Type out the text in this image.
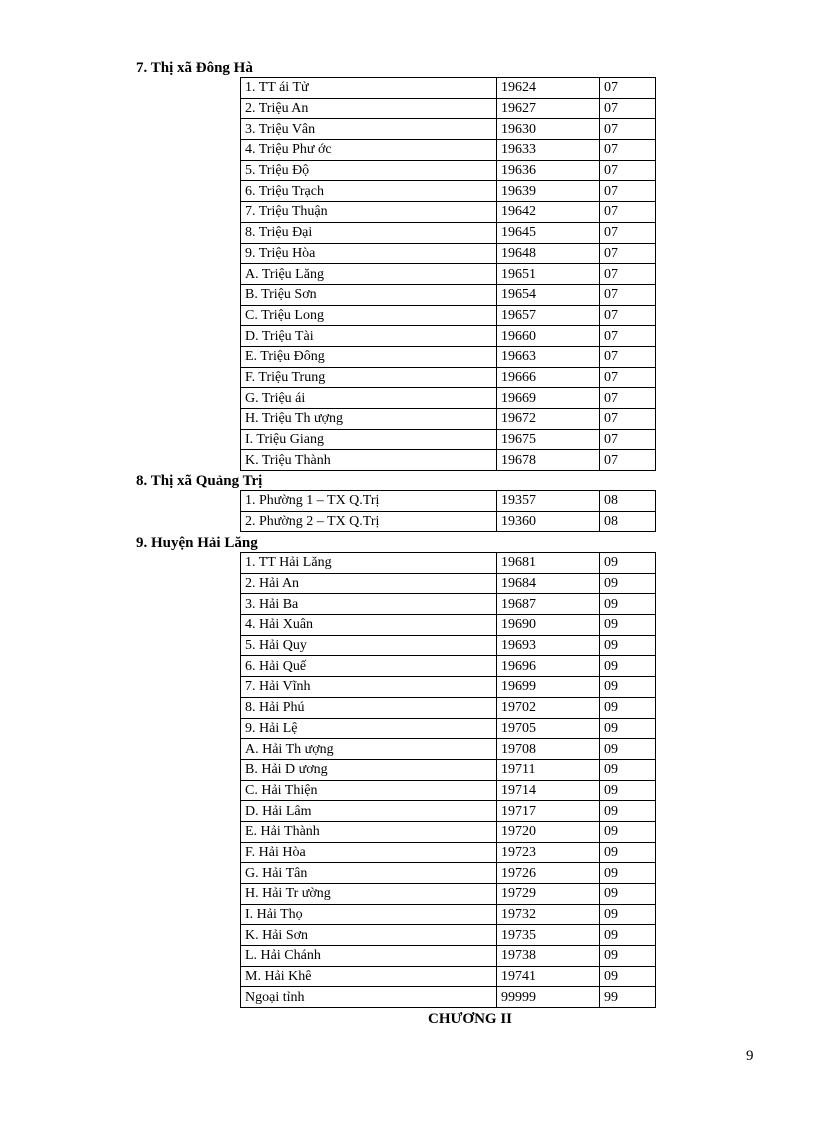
7. Thị xã Đông Hà
1. TT ái Tử	19624	07
2. Triệu An	19627	07
3. Triệu Vân	19630	07
4. Triệu Phư ớc	19633	07
5. Triệu Độ	19636	07
6. Triệu Trạch	19639	07
7. Triệu Thuận	19642	07
8. Triệu Đại	19645	07
9. Triệu Hòa	19648	07
A. Triệu Lăng	19651	07
B. Triệu Sơn	19654	07
C. Triệu Long	19657	07
D. Triệu Tài	19660	07
E. Triệu Đông	19663	07
F. Triệu Trung	19666	07
G. Triệu ái	19669	07
H. Triệu Th ượng	19672	07
I. Triệu Giang	19675	07
K. Triệu Thành	19678	07
8. Thị xã Quảng Trị
1. Phường 1 – TX Q.Trị	19357	08
2. Phường 2 – TX Q.Trị	19360	08
9. Huyện Hải Lăng
1. TT Hải Lăng	19681	09
2. Hải An	19684	09
3. Hải Ba	19687	09
4. Hải Xuân	19690	09
5. Hải Quy	19693	09
6. Hải Quế	19696	09
7. Hải Vĩnh	19699	09
8. Hải Phú	19702	09
9. Hải Lệ	19705	09
A. Hải Th ượng	19708	09
B. Hải D ương	19711	09
C. Hải Thiện	19714	09
D. Hải Lâm	19717	09
E. Hải Thành	19720	09
F. Hải Hòa	19723	09
G. Hải Tân	19726	09
H. Hải Tr ường	19729	09
I. Hải Thọ	19732	09
K. Hải Sơn	19735	09
L. Hải Chánh	19738	09
M. Hải Khê	19741	09
Ngoại tỉnh	99999	99
CHƯƠNG II
9
